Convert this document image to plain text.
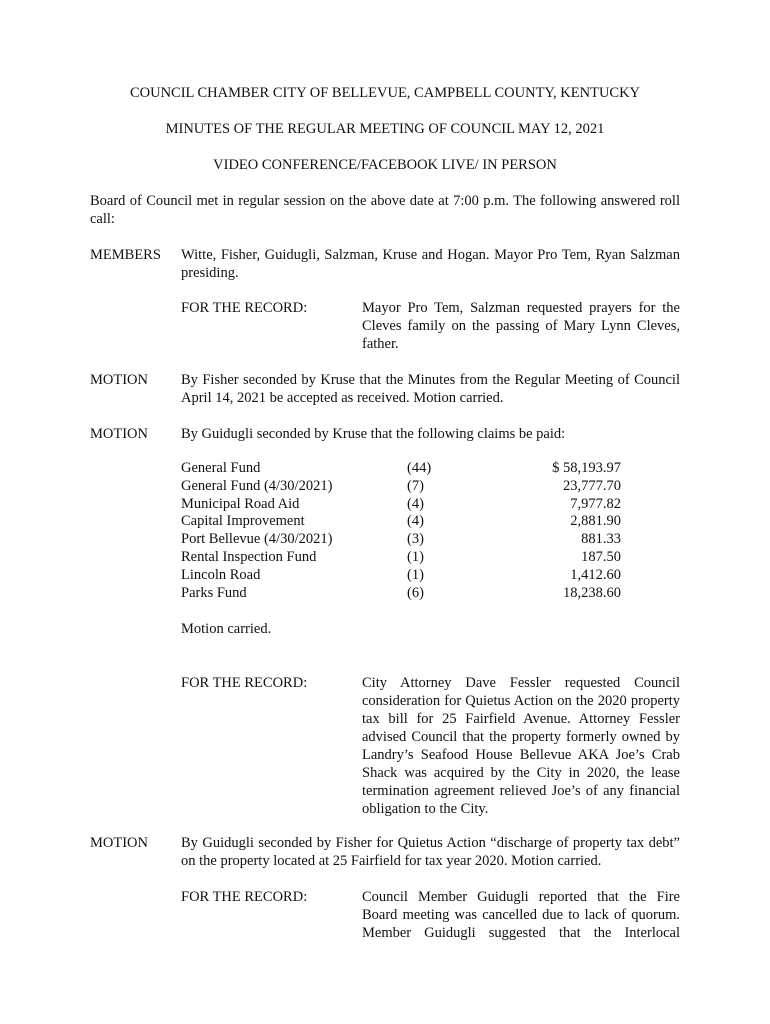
COUNCIL CHAMBER CITY OF BELLEVUE, CAMPBELL COUNTY, KENTUCKY
MINUTES OF THE REGULAR MEETING OF COUNCIL MAY 12, 2021
VIDEO CONFERENCE/FACEBOOK LIVE/ IN PERSON
Board of Council met in regular session on the above date at 7:00 p.m. The following answered roll call:
MEMBERS Witte, Fisher, Guidugli, Salzman, Kruse and Hogan. Mayor Pro Tem, Ryan Salzman presiding.
FOR THE RECORD:	Mayor Pro Tem, Salzman requested prayers for the Cleves family on the passing of Mary Lynn Cleves, father.
MOTION By Fisher seconded by Kruse that the Minutes from the Regular Meeting of Council April 14, 2021 be accepted as received. Motion carried.
MOTION By Guidugli seconded by Kruse that the following claims be paid:
General Fund	(44)	$ 58,193.97
General Fund (4/30/2021)	(7)	23,777.70
Municipal Road Aid	(4)	7,977.82
Capital Improvement	(4)	2,881.90
Port Bellevue (4/30/2021)	(3)	881.33
Rental Inspection Fund	(1)	187.50
Lincoln Road	(1)	1,412.60
Parks Fund	(6)	18,238.60
Motion carried.
FOR THE RECORD:	City Attorney Dave Fessler requested Council consideration for Quietus Action on the 2020 property tax bill for 25 Fairfield Avenue. Attorney Fessler advised Council that the property formerly owned by Landry’s Seafood House Bellevue AKA Joe’s Crab Shack was acquired by the City in 2020, the lease termination agreement relieved Joe’s of any financial obligation to the City.
MOTION By Guidugli seconded by Fisher for Quietus Action “discharge of property tax debt” on the property located at 25 Fairfield for tax year 2020. Motion carried.
FOR THE RECORD:	Council Member Guidugli reported that the Fire Board meeting was cancelled due to lack of quorum. Member Guidugli suggested that the Interlocal
